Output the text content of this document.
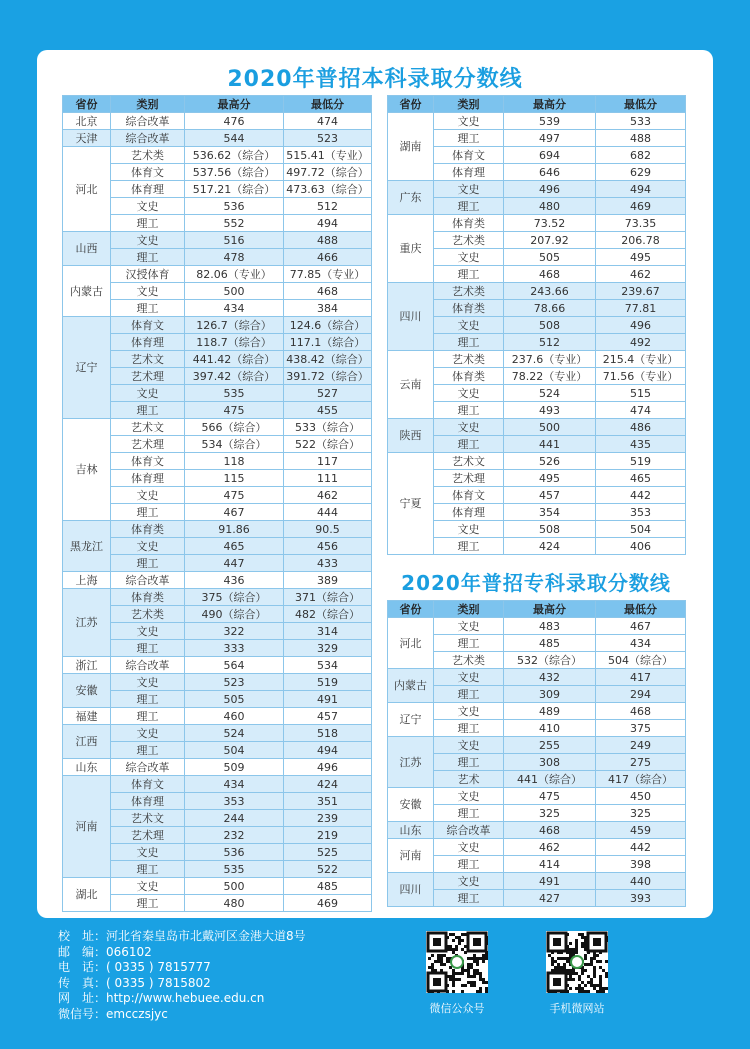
2020年普招本科录取分数线
2020年普招专科录取分数线
省份	类别	最高分	最低分
北京	综合改革	476	474
天津	综合改革	544	523
河北	艺术类	536.62（综合）	515.41（专业）
	体育文	537.56（综合）	497.72（综合）
	体育理	517.21（综合）	473.63（综合）
	文史	536	512
	理工	552	494
山西	文史	516	488
	理工	478	466
内蒙古	汉授体育	82.06（专业）	77.85（专业）
	文史	500	468
	理工	434	384
辽宁	体育文	126.7（综合）	124.6（综合）
	体育理	118.7（综合）	117.1（综合）
	艺术文	441.42（综合）	438.42（综合）
	艺术理	397.42（综合）	391.72（综合）
	文史	535	527
	理工	475	455
吉林	艺术文	566（综合）	533（综合）
	艺术理	534（综合）	522（综合）
	体育文	118	117
	体育理	115	111
	文史	475	462
	理工	467	444
黑龙江	体育类	91.86	90.5
	文史	465	456
	理工	447	433
上海	综合改革	436	389
江苏	体育类	375（综合）	371（综合）
	艺术类	490（综合）	482（综合）
	文史	322	314
	理工	333	329
浙江	综合改革	564	534
安徽	文史	523	519
	理工	505	491
福建	理工	460	457
江西	文史	524	518
	理工	504	494
山东	综合改革	509	496
河南	体育文	434	424
	体育理	353	351
	艺术文	244	239
	艺术理	232	219
	文史	536	525
	理工	535	522
湖北	文史	500	485
	理工	480	469
省份	类别	最高分	最低分
湖南	文史	539	533
	理工	497	488
	体育文	694	682
	体育理	646	629
广东	文史	496	494
	理工	480	469
重庆	体育类	73.52	73.35
	艺术类	207.92	206.78
	文史	505	495
	理工	468	462
四川	艺术类	243.66	239.67
	体育类	78.66	77.81
	文史	508	496
	理工	512	492
云南	艺术类	237.6（专业）	215.4（专业）
	体育类	78.22（专业）	71.56（专业）
	文史	524	515
	理工	493	474
陕西	文史	500	486
	理工	441	435
宁夏	艺术文	526	519
	艺术理	495	465
	体育文	457	442
	体育理	354	353
	文史	508	504
	理工	424	406
省份	类别	最高分	最低分
河北	文史	483	467
	理工	485	434
	艺术类	532（综合）	504（综合）
内蒙古	文史	432	417
	理工	309	294
辽宁	文史	489	468
	理工	410	375
江苏	文史	255	249
	理工	308	275
	艺术	441（综合）	417（综合）
安徽	文史	475	450
	理工	325	325
山东	综合改革	468	459
河南	文史	462	442
	理工	414	398
四川	文史	491	440
	理工	427	393
校　址： 河北省秦皇岛市北戴河区金港大道8号
邮　编： 066102
电　话： ( 0335 ) 7815777
传　真： ( 0335 ) 7815802
网　址： http://www.hebuee.edu.cn
微信号： emcczsjyc	微信公众号	手机微网站
